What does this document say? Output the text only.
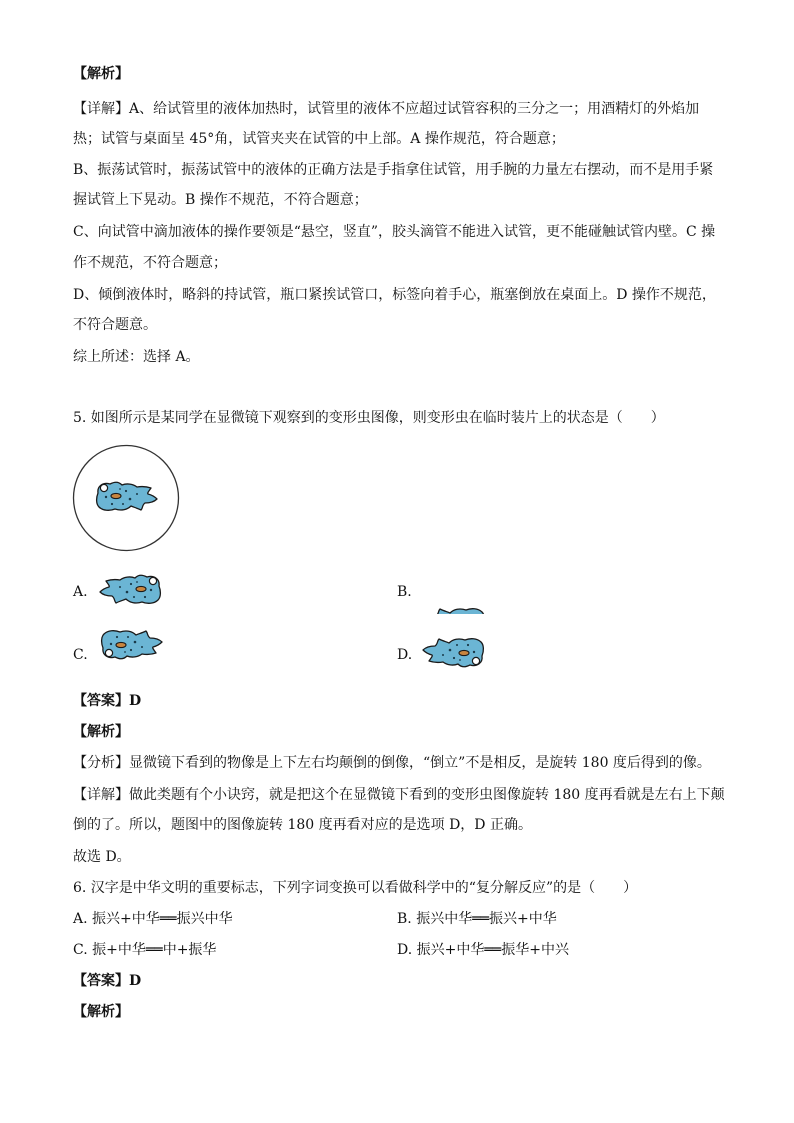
【解析】
【详解】A、给试管里的液体加热时，试管里的液体不应超过试管容积的三分之一；用酒精灯的外焰加
热；试管与桌面呈 45°角，试管夹夹在试管的中上部。A 操作规范，符合题意；
B、振荡试管时，振荡试管中的液体的正确方法是手指拿住试管，用手腕的力量左右摆动，而不是用手紧
握试管上下晃动。B 操作不规范，不符合题意；
C、向试管中滴加液体的操作要领是“悬空，竖直”，胶头滴管不能进入试管，更不能碰触试管内壁。C 操
作不规范，不符合题意；
D、倾倒液体时，略斜的持试管，瓶口紧挨试管口，标签向着手心，瓶塞倒放在桌面上。D 操作不规范，
不符合题意。
综上所述：选择 A。
5. 如图所示是某同学在显微镜下观察到的变形虫图像，则变形虫在临时装片上的状态是（　　）
A.	B.
C.	D.
【答案】D
【解析】
【分析】显微镜下看到的物像是上下左右均颠倒的倒像，“倒立”不是相反，是旋转 180 度后得到的像。
【详解】做此类题有个小诀窍，就是把这个在显微镜下看到的变形虫图像旋转 180 度再看就是左右上下颠
倒的了。所以，题图中的图像旋转 180 度再看对应的是选项 D，D 正确。
故选 D。
6. 汉字是中华文明的重要标志，下列字词变换可以看做科学中的“复分解反应”的是（　　）
A. 振兴+中华══振兴中华	B. 振兴中华══振兴+中华
C. 振+中华══中+振华	D. 振兴+中华══振华+中兴
【答案】D
【解析】
